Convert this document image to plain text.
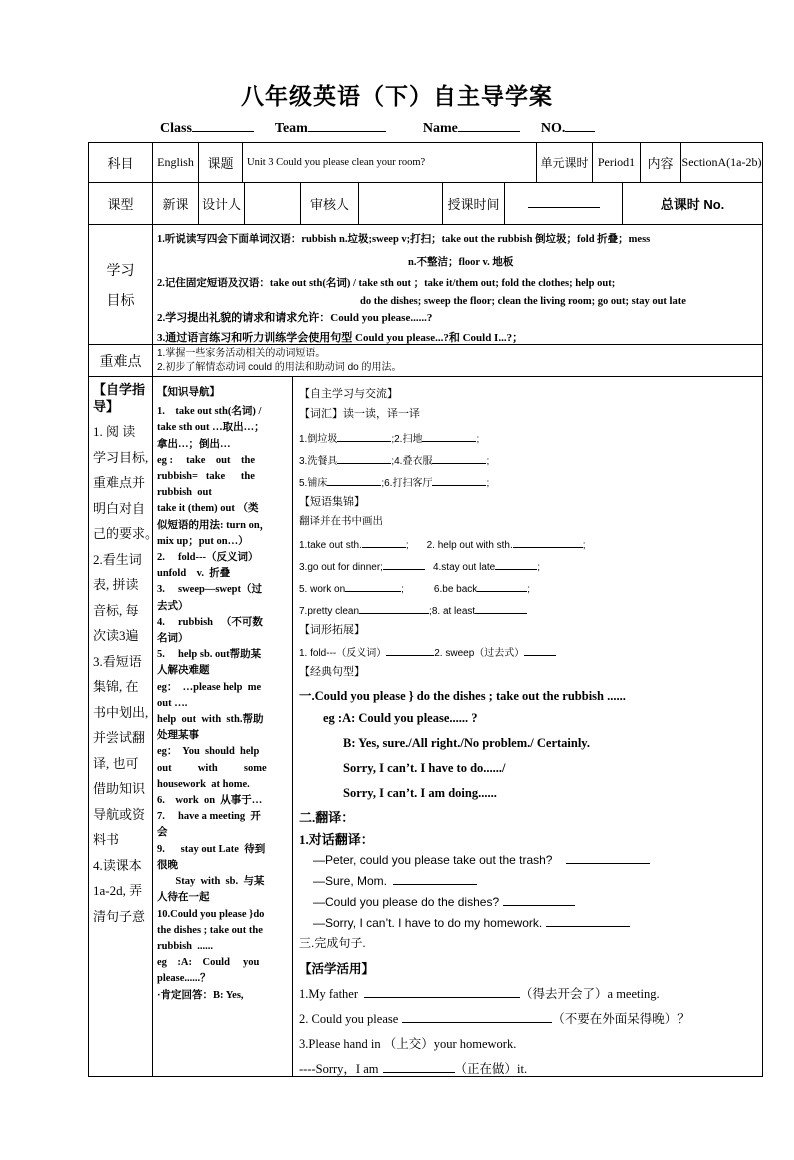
八年级英语（下）自主导学案
Class	Team	Name	NO.
科目	English	课题	Unit 3 Could you please clean your room?	单元课时	Period1	内容	SectionA(1a-2b)
课型	新课	设计人		审核人		授课时间		总课时 No.
学习
目标	
1.听说读写四会下面单词汉语：rubbish n.垃圾;sweep v;打扫；take out the rubbish 倒垃圾；fold 折叠；mess
n.不整洁；floor v. 地板
2.记住固定短语及汉语：take out sth(名词) / take sth out ；take it/them out; fold the clothes; help out;
do the dishes; sweep the floor; clean the living room; go out; stay out late
2.学习提出礼貌的请求和请求允许：Could you please......?
3.通过语言练习和听力训练学会使用句型 Could you please...?和 Could I...?；
重难点	1.掌握一些家务活动相关的动词短语。
2.初步了解情态动词 could 的用法和助动词 do 的用法。
【自学指导】
1. 阅 读
学习目标,
重难点并
明白对自
己的要求。
2.看生词
表, 拼读
音标, 每
次读3遍
3.看短语
集锦, 在
书中划出,
并尝试翻
译, 也可
借助知识
导航或资
料书
4.读课本
1a-2d, 弄
清句子意

【知识导航】
1.    take out sth(名词) /
take sth out …取出…；
拿出…；倒出…
eg :     take    out    the
rubbish=   take      the
rubbish  out
take it (them) out （类
似短语的用法: turn on，
mix up；put on…）
2.     fold---（反义词）
unfold    v.  折叠
3.     sweep—swept（过
去式）
4.     rubbish   （不可数
名词）
5.     help sb. out帮助某
人解决难题
eg：  …please help  me
out ….
help  out  with  sth.帮助
处理某事
eg：  You  should  help
out          with          some
housework  at home.
6.    work  on  从事于…
7.     have a meeting  开
会
9.      stay out Late  待到
很晚
Stay  with  sb.  与某
人待在一起
10.Could you please }do
the dishes ; take out the
rubbish  ......
eg    :A:    Could     you
please......？
·肯定回答：B: Yes,

【自主学习与交流】
【词汇】读一读，译一译
1.倒垃圾	;2.扫地	;
3.洗餐具	;4.叠衣服	;
5.铺床	;6.打扫客厅	;
【短语集锦】
翻译并在书中画出
1.take out sth.	; 2. help out with sth.	;
3.go out for dinner;	4.stay out late	;
5. work on	;	6.be back	;
7.pretty clean	;8. at least
【词形拓展】
1. fold---（反义词）	2. sweep（过去式）
【经典句型】
一.Could you please } do the dishes ; take out the rubbish ......
eg :A: Could you please...... ?
B: Yes, sure./All right./No problem./ Certainly.
Sorry, I can’t. I have to do....../
Sorry, I can’t. I am doing......
二.翻译：
1.对话翻译：
—Peter, could you please take out the trash?
—Sure, Mom.
—Could you please do the dishes?
—Sorry, I can’t. I have to do my homework.
三.完成句子.
【活学活用】
1.My father	（得去开会了）a meeting.
2. Could you please	（不要在外面呆得晚）？
3.Please hand in （上交）your homework.
----Sorry，I am	（正在做）it.
